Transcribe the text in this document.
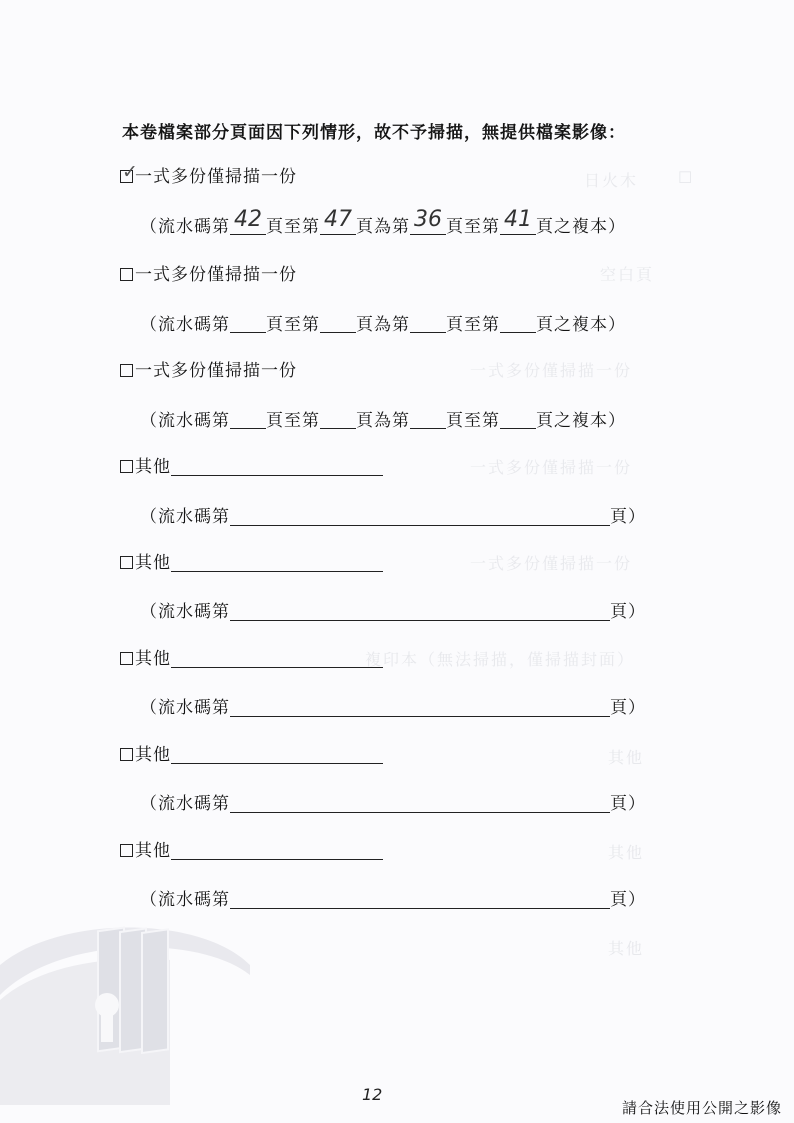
☐
日火木
空白頁
一式多份僅掃描一份
一式多份僅掃描一份
一式多份僅掃描一份
複印本（無法掃描，僅掃描封面）
其他
其他
其他
本卷檔案部分頁面因下列情形，故不予掃描，無提供檔案影像：
✓
一式多份僅掃描一份
（流水碼第 42 頁至第 47 頁為第 36 頁至第 41 頁之複本）
一式多份僅掃描一份
（流水碼第 頁至第 頁為第 頁至第 頁之複本）
一式多份僅掃描一份
（流水碼第 頁至第 頁為第 頁至第 頁之複本）
其他
（流水碼第	頁）
其他
（流水碼第	頁）
其他
（流水碼第	頁）
其他
（流水碼第	頁）
其他
（流水碼第	頁）
12
請合法使用公開之影像
